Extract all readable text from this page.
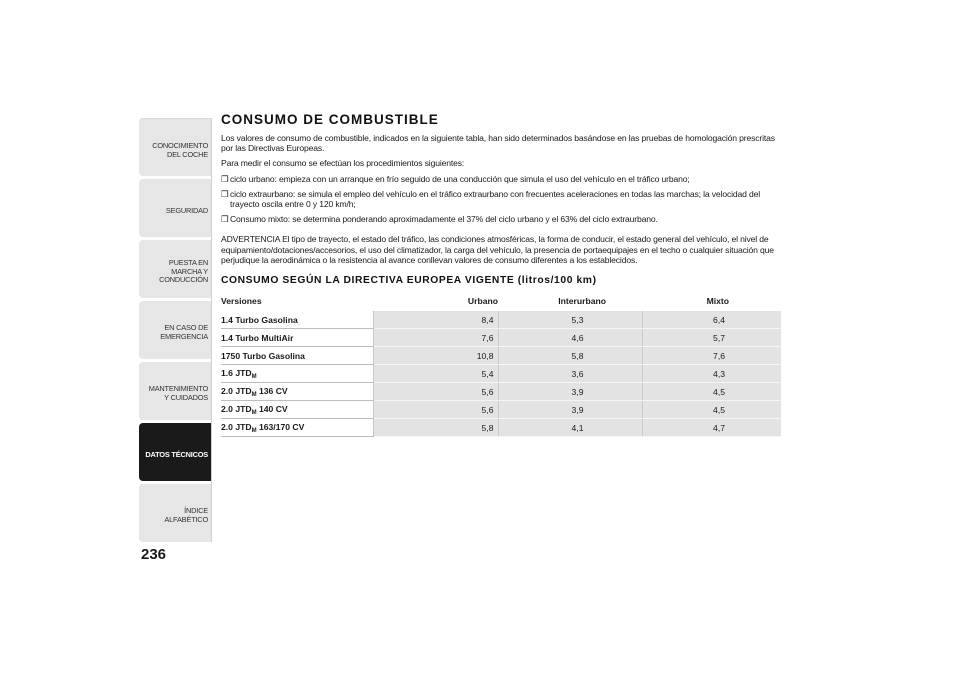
CONOCIMIENTO DEL COCHE
SEGURIDAD
PUESTA EN MARCHA Y CONDUCCIÓN
EN CASO DE EMERGENCIA
MANTENIMIENTO Y CUIDADOS
DATOS TÉCNICOS
ÍNDICE ALFABÉTICO
236
CONSUMO DE COMBUSTIBLE

Los valores de consumo de combustible, indicados en la siguiente tabla, han sido determinados basándose en las pruebas de homologación prescritas por las Directivas Europeas.

Para medir el consumo se efectúan los procedimientos siguientes:

❒ ciclo urbano: empieza con un arranque en frío seguido de una conducción que simula el uso del vehículo en el tráfico urbano;
❒ ciclo extraurbano: se simula el empleo del vehículo en el tráfico extraurbano con frecuentes aceleraciones en todas las marchas; la velocidad del trayecto oscila entre 0 y 120 km/h;
❒ Consumo mixto: se determina ponderando aproximadamente el 37% del ciclo urbano y el 63% del ciclo extraurbano.

ADVERTENCIA El tipo de trayecto, el estado del tráfico, las condiciones atmosféricas, la forma de conducir, el estado general del vehículo, el nivel de equipamiento/dotaciones/accesorios, el uso del climatizador, la carga del vehículo, la presencia de portaequipajes en el techo o cualquier situación que perjudique la aerodinámica o la resistencia al avance conllevan valores de consumo diferentes a los establecidos.

CONSUMO SEGÚN LA DIRECTIVA EUROPEA VIGENTE (litros/100 km)
Versiones	Urbano	Interurbano	Mixto
1.4 Turbo Gasolina	8,4	5,3	6,4
1.4 Turbo MultiAir	7,6	4,6	5,7
1750 Turbo Gasolina	10,8	5,8	7,6
1.6 $JTD_M$	5,4	3,6	4,3
2.0 $JTD_M$ 136 CV	5,6	3,9	4,5
2.0 $JTD_M$ 140 CV	5,6	3,9	4,5
2.0 $JTD_M$ 163/170 CV	5,8	4,1	4,7
